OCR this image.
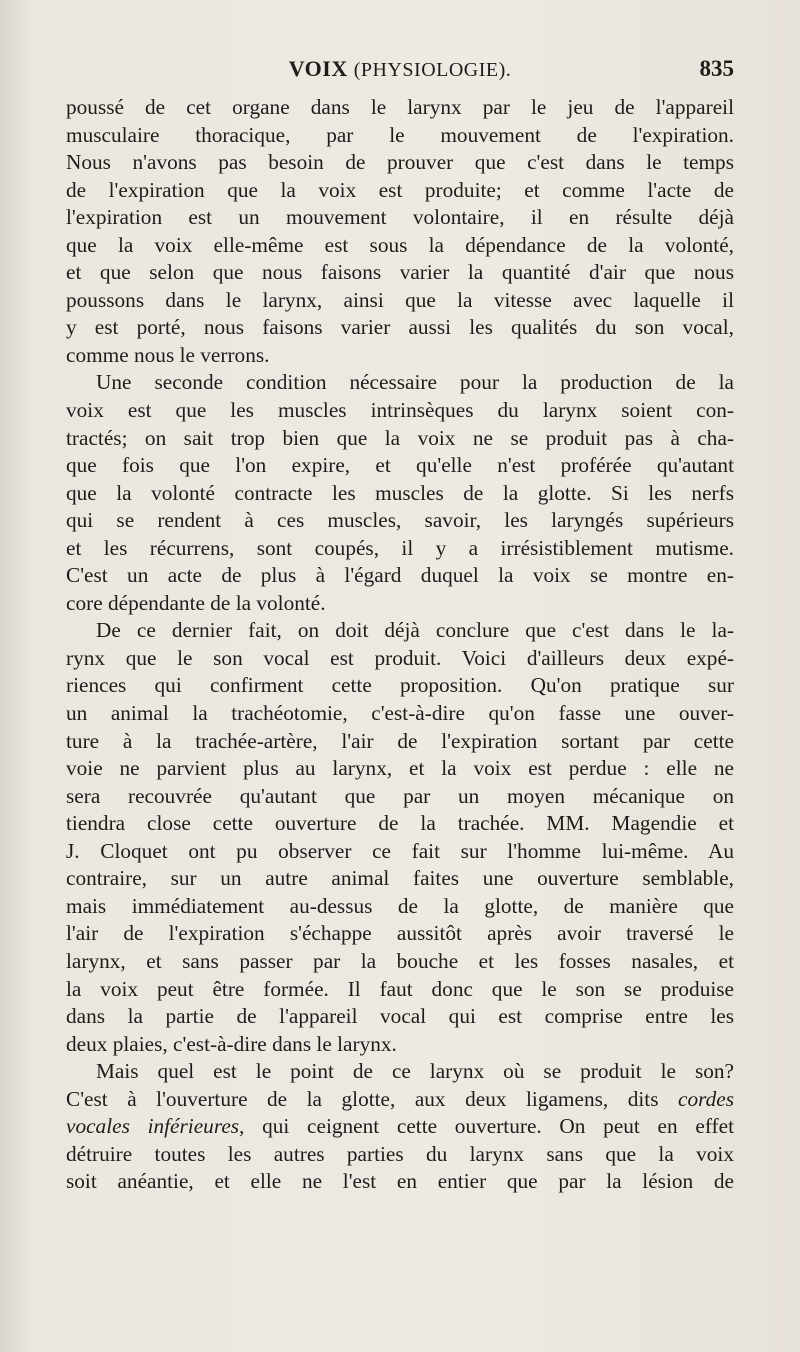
VOIX (PHYSIOLOGIE).	835
poussé de cet organe dans le larynx par le jeu de l'appareil
musculaire thoracique, par le mouvement de l'expiration.
Nous n'avons pas besoin de prouver que c'est dans le temps
de l'expiration que la voix est produite; et comme l'acte de
l'expiration est un mouvement volontaire, il en résulte déjà
que la voix elle-même est sous la dépendance de la volonté,
et que selon que nous faisons varier la quantité d'air que nous
poussons dans le larynx, ainsi que la vitesse avec laquelle il
y est porté, nous faisons varier aussi les qualités du son vocal,
comme nous le verrons.
Une seconde condition nécessaire pour la production de la
voix est que les muscles intrinsèques du larynx soient con-
tractés; on sait trop bien que la voix ne se produit pas à cha-
que fois que l'on expire, et qu'elle n'est proférée qu'autant
que la volonté contracte les muscles de la glotte. Si les nerfs
qui se rendent à ces muscles, savoir, les laryngés supérieurs
et les récurrens, sont coupés, il y a irrésistiblement mutisme.
C'est un acte de plus à l'égard duquel la voix se montre en-
core dépendante de la volonté.
De ce dernier fait, on doit déjà conclure que c'est dans le la-
rynx que le son vocal est produit. Voici d'ailleurs deux expé-
riences qui confirment cette proposition. Qu'on pratique sur
un animal la trachéotomie, c'est-à-dire qu'on fasse une ouver-
ture à la trachée-artère, l'air de l'expiration sortant par cette
voie ne parvient plus au larynx, et la voix est perdue : elle ne
sera recouvrée qu'autant que par un moyen mécanique on
tiendra close cette ouverture de la trachée. MM. Magendie et
J. Cloquet ont pu observer ce fait sur l'homme lui-même. Au
contraire, sur un autre animal faites une ouverture semblable,
mais immédiatement au-dessus de la glotte, de manière que
l'air de l'expiration s'échappe aussitôt après avoir traversé le
larynx, et sans passer par la bouche et les fosses nasales, et
la voix peut être formée. Il faut donc que le son se produise
dans la partie de l'appareil vocal qui est comprise entre les
deux plaies, c'est-à-dire dans le larynx.
Mais quel est le point de ce larynx où se produit le son?
C'est à l'ouverture de la glotte, aux deux ligamens, dits cordes
vocales inférieures, qui ceignent cette ouverture. On peut en effet
détruire toutes les autres parties du larynx sans que la voix
soit anéantie, et elle ne l'est en entier que par la lésion de
